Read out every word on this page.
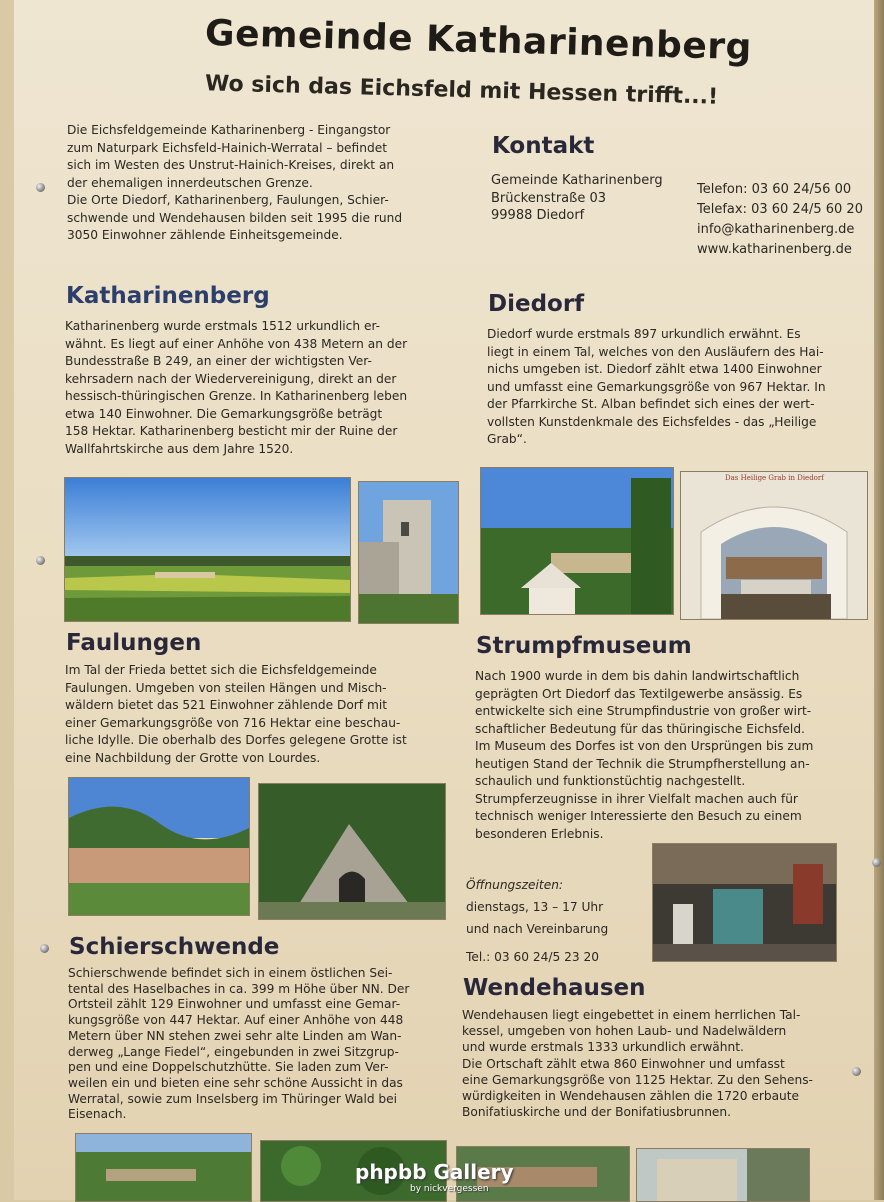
Gemeinde Katharinenberg
Wo sich das Eichsfeld mit Hessen trifft...!
Die Eichsfeldgemeinde Katharinenberg - Eingangstor
zum Naturpark Eichsfeld-Hainich-Werratal – befindet
sich im Westen des Unstrut-Hainich-Kreises, direkt an
der ehemaligen innerdeutschen Grenze.
Die Orte Diedorf, Katharinenberg, Faulungen, Schier-
schwende und Wendehausen bilden seit 1995 die rund
3050 Einwohner zählende Einheitsgemeinde.
Kontakt
Gemeinde Katharinenberg
Brückenstraße 03
99988 Diedorf
Telefon: 03 60 24/56 00
Telefax: 03 60 24/5 60 20
info@katharinenberg.de
www.katharinenberg.de
Katharinenberg
Katharinenberg wurde erstmals 1512 urkundlich er-
wähnt. Es liegt auf einer Anhöhe von 438 Metern an der
Bundesstraße B 249, an einer der wichtigsten Ver-
kehrsadern nach der Wiedervereinigung, direkt an der
hessisch-thüringischen Grenze. In Katharinenberg leben
etwa 140 Einwohner. Die Gemarkungsgröße beträgt
158 Hektar. Katharinenberg besticht mir der Ruine der
Wallfahrtskirche aus dem Jahre 1520.
Diedorf
Diedorf wurde erstmals 897 urkundlich erwähnt. Es
liegt in einem Tal, welches von den Ausläufern des Hai-
nichs umgeben ist. Diedorf zählt etwa 1400 Einwohner
und umfasst eine Gemarkungsgröße von 967 Hektar. In
der Pfarrkirche St. Alban befindet sich eines der wert-
vollsten Kunstdenkmale des Eichsfeldes - das „Heilige
Grab“.
Das Heilige Grab in Diedorf
Faulungen
Im Tal der Frieda bettet sich die Eichsfeldgemeinde
Faulungen. Umgeben von steilen Hängen und Misch-
wäldern bietet das 521 Einwohner zählende Dorf mit
einer Gemarkungsgröße von 716 Hektar eine beschau-
liche Idylle. Die oberhalb des Dorfes gelegene Grotte ist
eine Nachbildung der Grotte von Lourdes.
Strumpfmuseum
Nach 1900 wurde in dem bis dahin landwirtschaftlich
geprägten Ort Diedorf das Textilgewerbe ansässig. Es
entwickelte sich eine Strumpfindustrie von großer wirt-
schaftlicher Bedeutung für das thüringische Eichsfeld.
Im Museum des Dorfes ist von den Ursprüngen bis zum
heutigen Stand der Technik die Strumpfherstellung an-
schaulich und funktionstüchtig nachgestellt.
Strumpferzeugnisse in ihrer Vielfalt machen auch für
technisch weniger Interessierte den Besuch zu einem
besonderen Erlebnis.
Öffnungszeiten:
dienstags, 13 – 17 Uhr
und nach Vereinbarung
Tel.: 03 60 24/5 23 20
Schierschwende
Schierschwende befindet sich in einem östlichen Sei-
tental des Haselbaches in ca. 399 m Höhe über NN. Der
Ortsteil zählt 129 Einwohner und umfasst eine Gemar-
kungsgröße von 447 Hektar. Auf einer Anhöhe von 448
Metern über NN stehen zwei sehr alte Linden am Wan-
derweg „Lange Fiedel“, eingebunden in zwei Sitzgrup-
pen und eine Doppelschutzhütte. Sie laden zum Ver-
weilen ein und bieten eine sehr schöne Aussicht in das
Werratal, sowie zum Inselsberg im Thüringer Wald bei
Eisenach.
Wendehausen
Wendehausen liegt eingebettet in einem herrlichen Tal-
kessel, umgeben von hohen Laub- und Nadelwäldern
und wurde erstmals 1333 urkundlich erwähnt.
Die Ortschaft zählt etwa 860 Einwohner und umfasst
eine Gemarkungsgröße von 1125 Hektar. Zu den Sehens-
würdigkeiten in Wendehausen zählen die 1720 erbaute
Bonifatiuskirche und der Bonifatiusbrunnen.
phpbb Gallery
by nickvergessen
